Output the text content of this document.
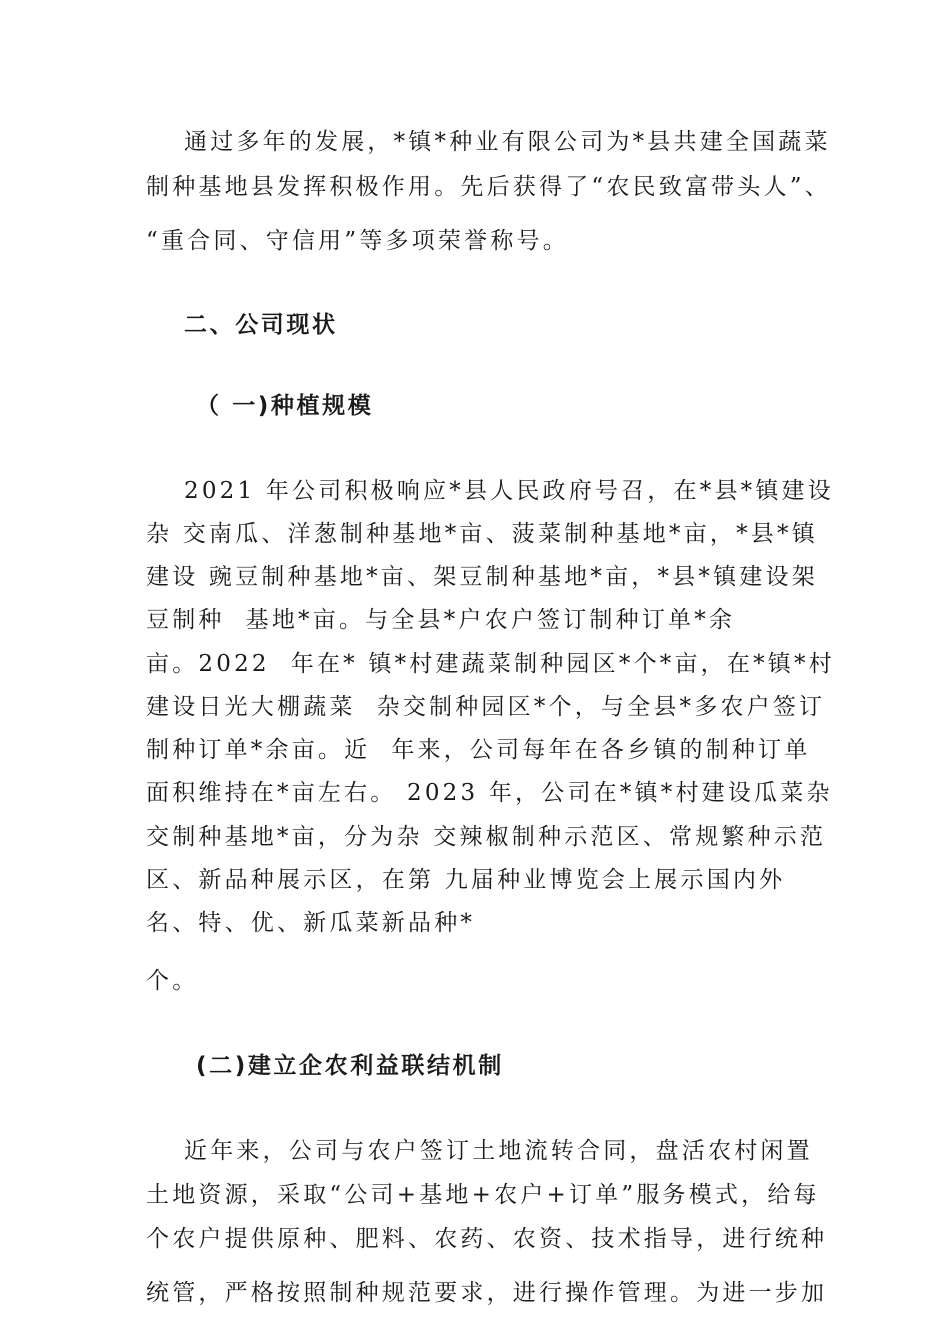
通过多年的发展，*镇*种业有限公司为*县共建全国蔬菜
制种基地县发挥积极作用。先后获得了“农民致富带头人”、
“重合同、守信用”等多项荣誉称号。
二、公司现状
（ 一)种植规模
2021 年公司积极响应*县人民政府号召，在*县*镇建设
杂 交南瓜、洋葱制种基地*亩、菠菜制种基地*亩，*县*镇
建设 豌豆制种基地*亩、架豆制种基地*亩，*县*镇建设架
豆制种  基地*亩。与全县*户农户签订制种订单*余
亩。2022  年在* 镇*村建蔬菜制种园区*个*亩，在*镇*村
建设日光大棚蔬菜  杂交制种园区*个，与全县*多农户签订
制种订单*余亩。近  年来，公司每年在各乡镇的制种订单
面积维持在*亩左右。 2023 年，公司在*镇*村建设瓜菜杂
交制种基地*亩，分为杂 交辣椒制种示范区、常规繁种示范
区、新品种展示区，在第 九届种业博览会上展示国内外
名、特、优、新瓜菜新品种*
个。
(二)建立企农利益联结机制
近年来，公司与农户签订土地流转合同，盘活农村闲置
土地资源，采取“公司+基地+农户+订单”服务模式，给每
个农户提供原种、肥料、农药、农资、技术指导，进行统种
统管，严格按照制种规范要求，进行操作管理。为进一步加
